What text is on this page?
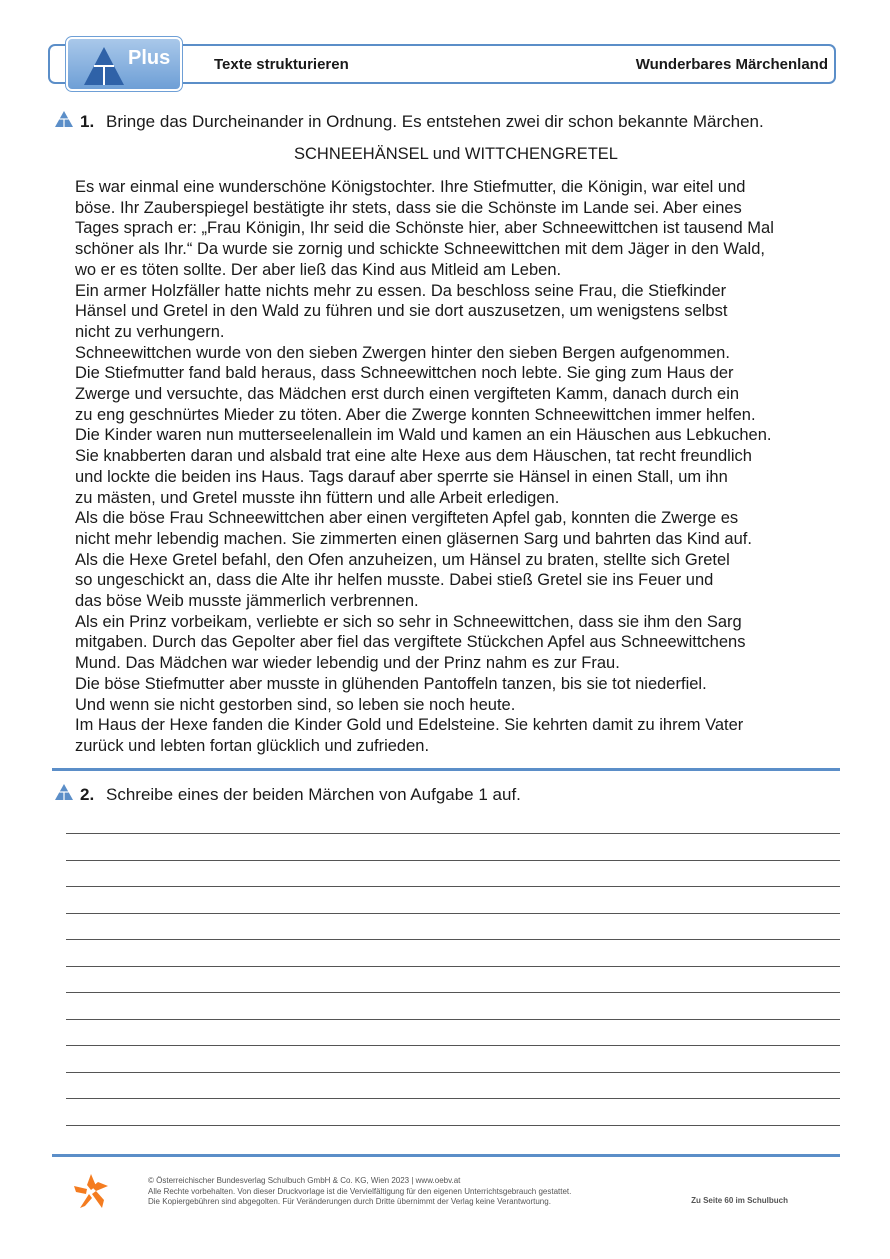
Plus	Texte strukturieren	Wunderbares Märchenland
1. Bringe das Durcheinander in Ordnung. Es entstehen zwei dir schon bekannte Märchen.
SCHNEEHÄNSEL und WITTCHENGRETEL
Es war einmal eine wunderschöne Königstochter. Ihre Stiefmutter, die Königin, war eitel und
böse. Ihr Zauberspiegel bestätigte ihr stets, dass sie die Schönste im Lande sei. Aber eines
Tages sprach er: „Frau Königin, Ihr seid die Schönste hier, aber Schneewittchen ist tausend Mal
schöner als Ihr.“ Da wurde sie zornig und schickte Schneewittchen mit dem Jäger in den Wald,
wo er es töten sollte. Der aber ließ das Kind aus Mitleid am Leben.
Ein armer Holzfäller hatte nichts mehr zu essen. Da beschloss seine Frau, die Stiefkinder
Hänsel und Gretel in den Wald zu führen und sie dort auszusetzen, um wenigstens selbst
nicht zu verhungern.
Schneewittchen wurde von den sieben Zwergen hinter den sieben Bergen aufgenommen.
Die Stiefmutter fand bald heraus, dass Schneewittchen noch lebte. Sie ging zum Haus der
Zwerge und versuchte, das Mädchen erst durch einen vergifteten Kamm, danach durch ein
zu eng geschnürtes Mieder zu töten. Aber die Zwerge konnten Schneewittchen immer helfen.
Die Kinder waren nun mutterseelenallein im Wald und kamen an ein Häuschen aus Lebkuchen.
Sie knabberten daran und alsbald trat eine alte Hexe aus dem Häuschen, tat recht freundlich
und lockte die beiden ins Haus. Tags darauf aber sperrte sie Hänsel in einen Stall, um ihn
zu mästen, und Gretel musste ihn füttern und alle Arbeit erledigen.
Als die böse Frau Schneewittchen aber einen vergifteten Apfel gab, konnten die Zwerge es
nicht mehr lebendig machen. Sie zimmerten einen gläsernen Sarg und bahrten das Kind auf.
Als die Hexe Gretel befahl, den Ofen anzuheizen, um Hänsel zu braten, stellte sich Gretel
so ungeschickt an, dass die Alte ihr helfen musste. Dabei stieß Gretel sie ins Feuer und
das böse Weib musste jämmerlich verbrennen.
Als ein Prinz vorbeikam, verliebte er sich so sehr in Schneewittchen, dass sie ihm den Sarg
mitgaben. Durch das Gepolter aber fiel das vergiftete Stückchen Apfel aus Schneewittchens
Mund. Das Mädchen war wieder lebendig und der Prinz nahm es zur Frau.
Die böse Stiefmutter aber musste in glühenden Pantoffeln tanzen, bis sie tot niederfiel.
Und wenn sie nicht gestorben sind, so leben sie noch heute.
Im Haus der Hexe fanden die Kinder Gold und Edelsteine. Sie kehrten damit zu ihrem Vater
zurück und lebten fortan glücklich und zufrieden.
2. Schreibe eines der beiden Märchen von Aufgabe 1 auf.
© Österreichischer Bundesverlag Schulbuch GmbH & Co. KG, Wien 2023 | www.oebv.at
Alle Rechte vorbehalten. Von dieser Druckvorlage ist die Vervielfältigung für den eigenen Unterrichtsgebrauch gestattet.
Die Kopiergebühren sind abgegolten. Für Veränderungen durch Dritte übernimmt der Verlag keine Verantwortung.	Zu Seite 60 im Schulbuch
